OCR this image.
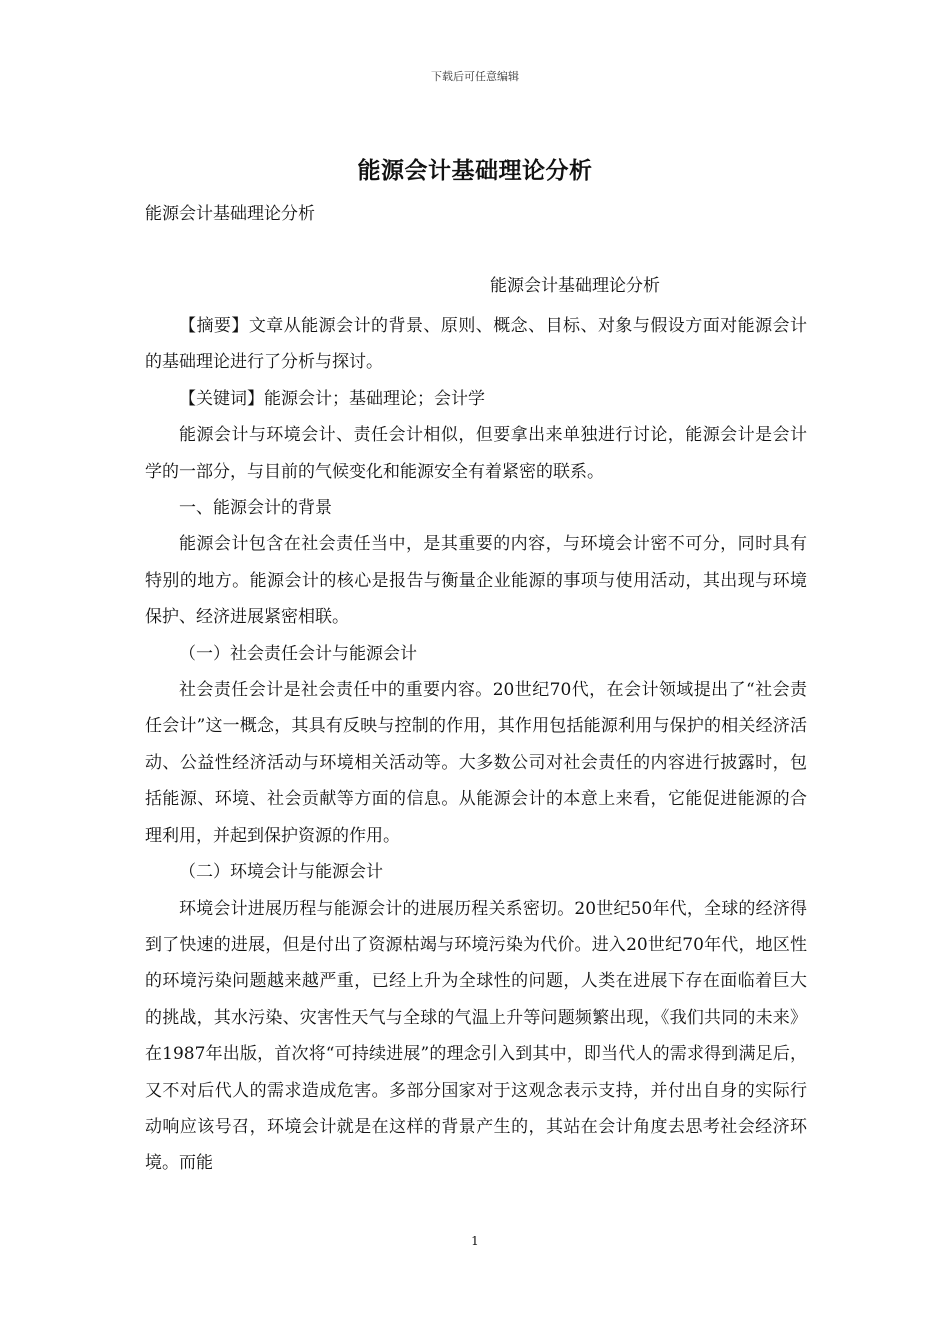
下载后可任意编辑
能源会计基础理论分析
能源会计基础理论分析
能源会计基础理论分析

【摘要】文章从能源会计的背景、原则、概念、目标、对象与假设方面对能源会计的基础理论进行了分析与探讨。

【关键词】能源会计；基础理论；会计学

能源会计与环境会计、责任会计相似，但要拿出来单独进行讨论，能源会计是会计学的一部分，与目前的气候变化和能源安全有着紧密的联系。

一、能源会计的背景

能源会计包含在社会责任当中，是其重要的内容，与环境会计密不可分，同时具有特别的地方。能源会计的核心是报告与衡量企业能源的事项与使用活动，其出现与环境保护、经济进展紧密相联。

（一）社会责任会计与能源会计

社会责任会计是社会责任中的重要内容。20世纪70代，在会计领域提出了“社会责任会计”这一概念，其具有反映与控制的作用，其作用包括能源利用与保护的相关经济活动、公益性经济活动与环境相关活动等。大多数公司对社会责任的内容进行披露时，包括能源、环境、社会贡献等方面的信息。从能源会计的本意上来看，它能促进能源的合理利用，并起到保护资源的作用。

（二）环境会计与能源会计

环境会计进展历程与能源会计的进展历程关系密切。20世纪50年代，全球的经济得到了快速的进展，但是付出了资源枯竭与环境污染为代价。进入20世纪70年代，地区性的环境污染问题越来越严重，已经上升为全球性的问题，人类在进展下存在面临着巨大的挑战，其水污染、灾害性天气与全球的气温上升等问题频繁出现，《我们共同的未来》在1987年出版，首次将“可持续进展”的理念引入到其中，即当代人的需求得到满足后，又不对后代人的需求造成危害。多部分国家对于这观念表示支持，并付出自身的实际行动响应该号召，环境会计就是在这样的背景产生的，其站在会计角度去思考社会经济环境。而能

1
